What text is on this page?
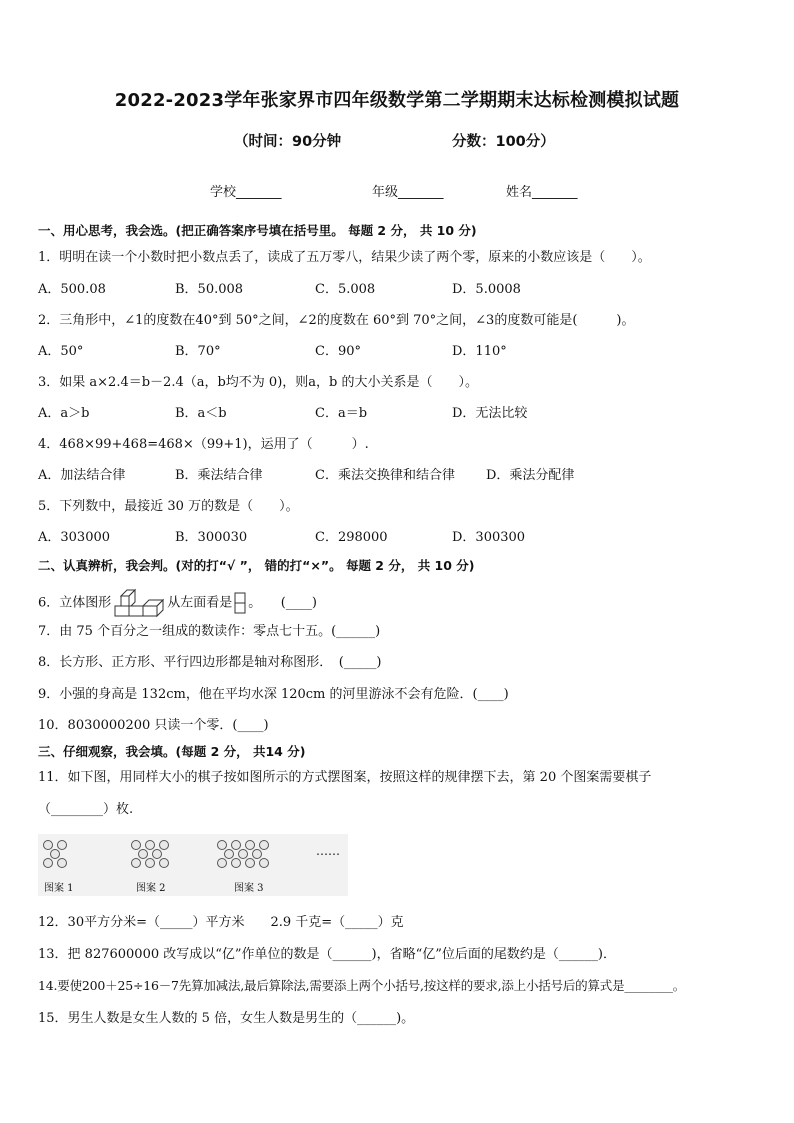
2022-2023学年张家界市四年级数学第二学期期末达标检测模拟试题
（时间：90分钟	分数：100分）
学校_______	年级_______	姓名_______
一、用心思考，我会选。(把正确答案序号填在括号里。 每题 2 分， 共 10 分)
1．明明在读一个小数时把小数点丢了，读成了五万零八，结果少读了两个零，原来的小数应该是（　　）。
A．500.08	B．50.008	C．5.008	D．5.0008
2．三角形中，∠1的度数在40°到 50°之间，∠2的度数在 60°到 70°之间，∠3的度数可能是(　　　)。
A．50°	B．70°	C．90°	D．110°
3．如果 a×2.4＝b－2.4（a，b均不为 0)，则a，b 的大小关系是（　　）。
A．a＞b	B．a＜b	C．a＝b	D．无法比较
4．468×99+468=468×（99+1)，运用了（　　　）.
A．加法结合律	B．乘法结合律	C．乘法交换律和结合律 D．乘法分配律
5．下列数中，最接近 30 万的数是（　　）。
A．303000	B．300030	C．298000	D．300300
二、认真辨析，我会判。(对的打“√ ”， 错的打“×”。 每题 2 分， 共 10 分)
6．立体图形	从左面看是 。　　(____)
7．由 75 个百分之一组成的数读作：零点七十五。(______)
8．长方形、正方形、平行四边形都是轴对称图形．　(_____)
9．小强的身高是 132cm，他在平均水深 120cm 的河里游泳不会有危险．(____)
10．8030000200 只读一个零．(____)
三、仔细观察，我会填。(每题 2 分， 共14 分)
11．如下图，用同样大小的棋子按如图所示的方式摆图案，按照这样的规律摆下去，第 20 个图案需要棋子
（________）枚.
图案 1	图案 2	图案 3
……
12．30平方分米=（_____）平方米　　2.9 千克=（_____）克
13．把 827600000 改写成以“亿”作单位的数是（______)，省略“亿”位后面的尾数约是（______)．
14.要使200＋25÷16－7先算加减法,最后算除法,需要添上两个小括号,按这样的要求,添上小括号后的算式是________。
15．男生人数是女生人数的 5 倍，女生人数是男生的（______)。
